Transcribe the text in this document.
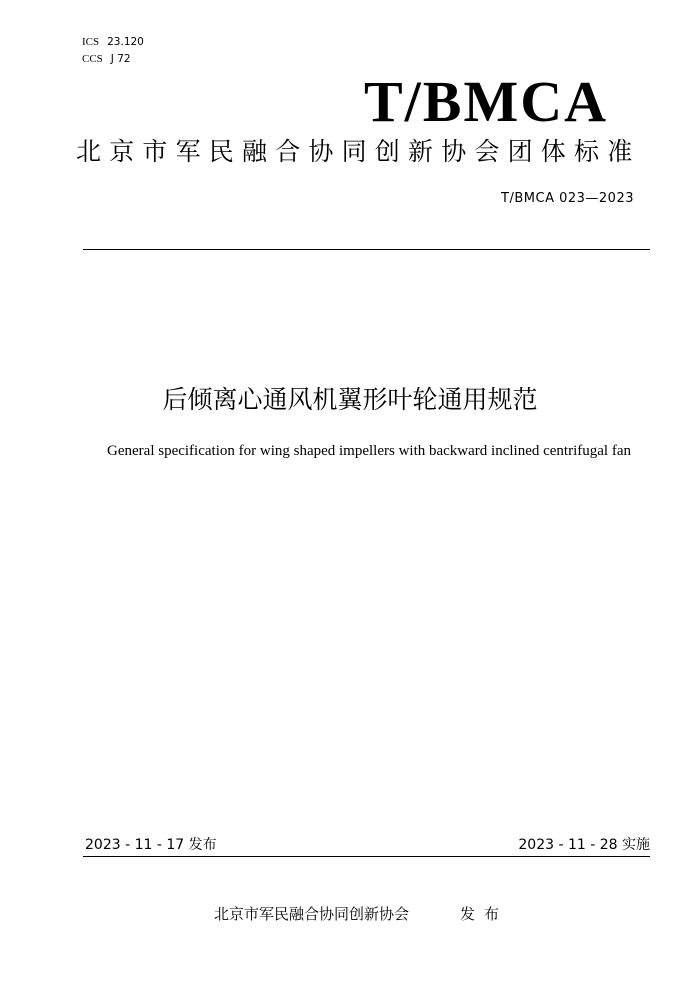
ICS 23.120
CCS J 72
T/BMCA
北京市军民融合协同创新协会团体标准
T/BMCA 023—2023
后倾离心通风机翼形叶轮通用规范
General specification for wing shaped impellers with backward inclined centrifugal fan
2023 - 11 - 17 发布	2023 - 11 - 28 实施
北京市军民融合协同创新协会	发布
